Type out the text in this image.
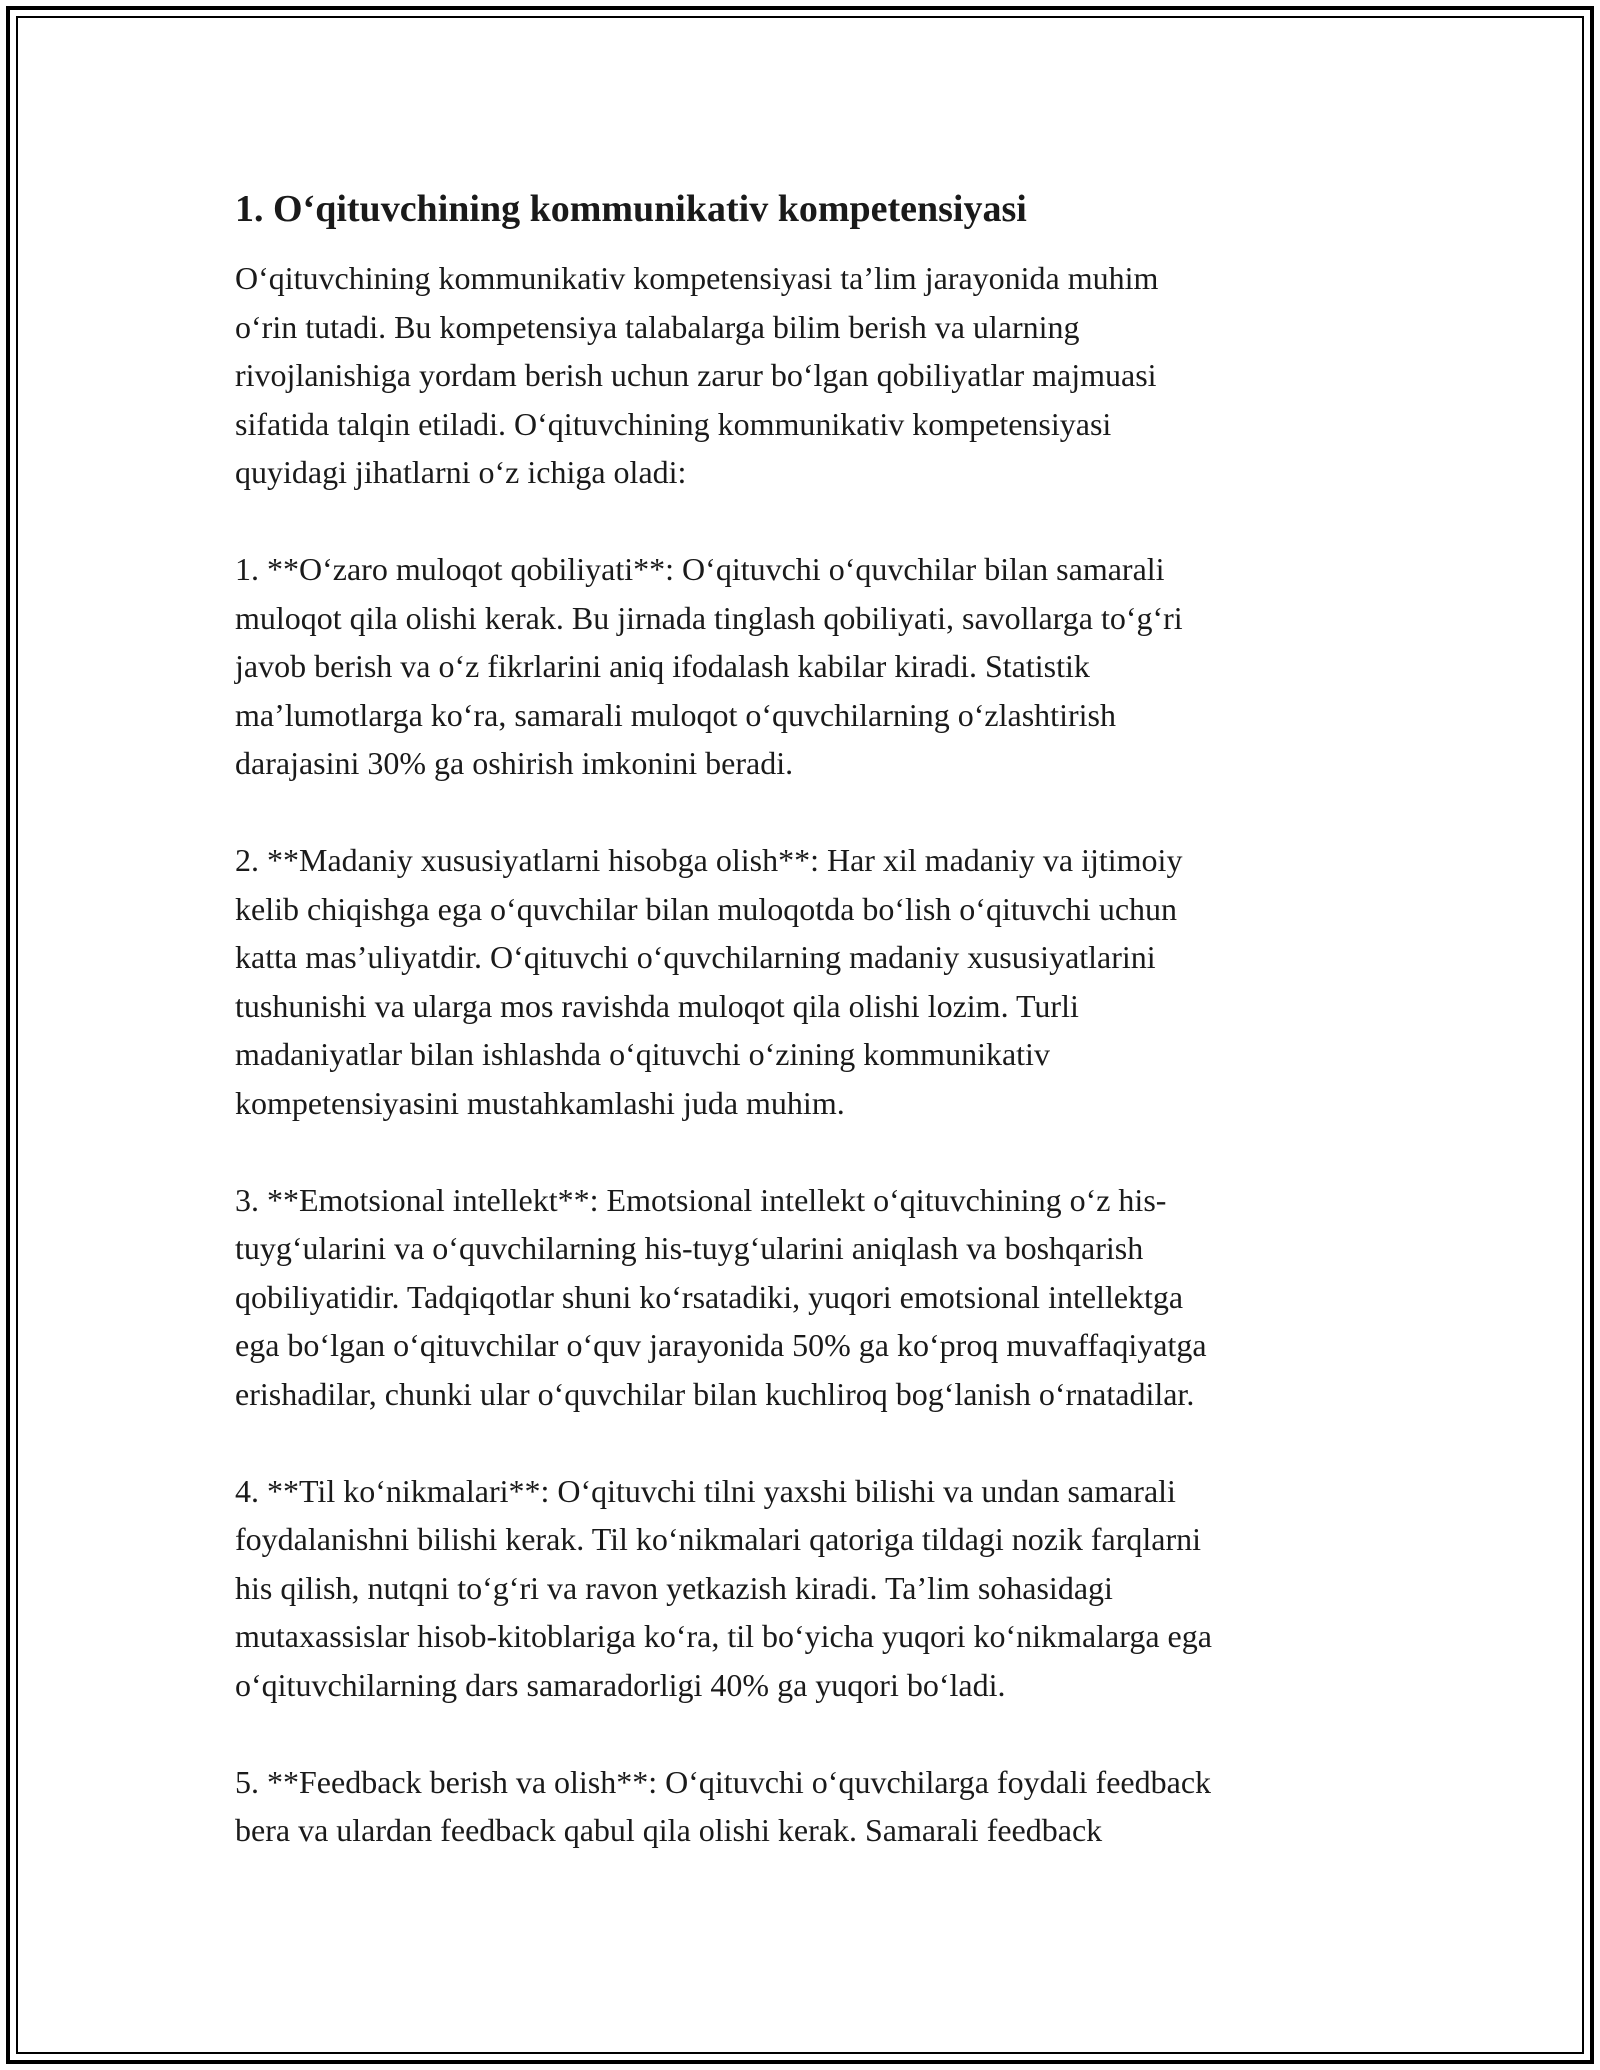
1. O‘qituvchining kommunikativ kompetensiyasi
O‘qituvchining kommunikativ kompetensiyasi ta’lim jarayonida muhim
o‘rin tutadi. Bu kompetensiya talabalarga bilim berish va ularning
rivojlanishiga yordam berish uchun zarur bo‘lgan qobiliyatlar majmuasi
sifatida talqin etiladi. O‘qituvchining kommunikativ kompetensiyasi
quyidagi jihatlarni o‘z ichiga oladi:
1. **O‘zaro muloqot qobiliyati**: O‘qituvchi o‘quvchilar bilan samarali
muloqot qila olishi kerak. Bu jirnada tinglash qobiliyati, savollarga to‘g‘ri
javob berish va o‘z fikrlarini aniq ifodalash kabilar kiradi. Statistik
ma’lumotlarga ko‘ra, samarali muloqot o‘quvchilarning o‘zlashtirish
darajasini 30% ga oshirish imkonini beradi.
2. **Madaniy xususiyatlarni hisobga olish**: Har xil madaniy va ijtimoiy
kelib chiqishga ega o‘quvchilar bilan muloqotda bo‘lish o‘qituvchi uchun
katta mas’uliyatdir. O‘qituvchi o‘quvchilarning madaniy xususiyatlarini
tushunishi va ularga mos ravishda muloqot qila olishi lozim. Turli
madaniyatlar bilan ishlashda o‘qituvchi o‘zining kommunikativ
kompetensiyasini mustahkamlashi juda muhim.
3. **Emotsional intellekt**: Emotsional intellekt o‘qituvchining o‘z his-
tuyg‘ularini va o‘quvchilarning his-tuyg‘ularini aniqlash va boshqarish
qobiliyatidir. Tadqiqotlar shuni ko‘rsatadiki, yuqori emotsional intellektga
ega bo‘lgan o‘qituvchilar o‘quv jarayonida 50% ga ko‘proq muvaffaqiyatga
erishadilar, chunki ular o‘quvchilar bilan kuchliroq bog‘lanish o‘rnatadilar.
4. **Til ko‘nikmalari**: O‘qituvchi tilni yaxshi bilishi va undan samarali
foydalanishni bilishi kerak. Til ko‘nikmalari qatoriga tildagi nozik farqlarni
his qilish, nutqni to‘g‘ri va ravon yetkazish kiradi. Ta’lim sohasidagi
mutaxassislar hisob-kitoblariga ko‘ra, til bo‘yicha yuqori ko‘nikmalarga ega
o‘qituvchilarning dars samaradorligi 40% ga yuqori bo‘ladi.
5. **Feedback berish va olish**: O‘qituvchi o‘quvchilarga foydali feedback
bera va ulardan feedback qabul qila olishi kerak. Samarali feedback
